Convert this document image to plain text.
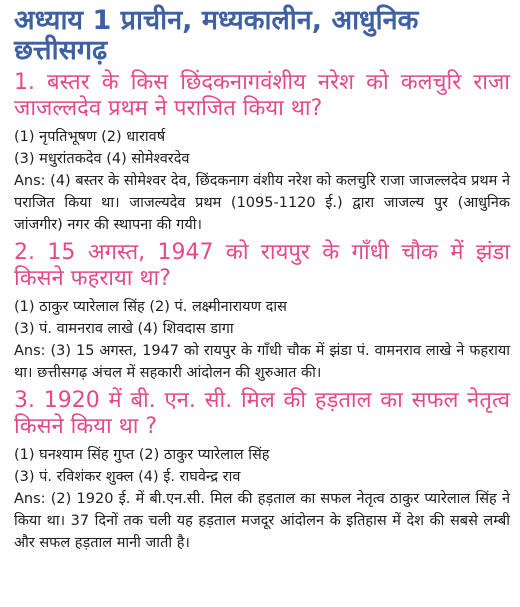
अध्याय 1 प्राचीन, मध्यकालीन, आधुनिक छत्तीसगढ़
1. बस्तर के किस छिंदकनागवंशीय नरेश को कलचुरि राजा जाजल्लदेव प्रथम ने पराजित किया था?
(1) नृपतिभूषण (2) धारावर्ष
(3) मधुरांतकदेव (4) सोमेश्वरदेव
Ans: (4) बस्तर के सोमेश्वर देव, छिंदकनाग वंशीय नरेश को कलचुरि राजा जाजल्लदेव प्रथम ने पराजित किया था। जाजल्यदेव प्रथम (1095-1120 ई.) द्वारा जाजल्य पुर (आधुनिक जांजगीर) नगर की स्थापना की गयी।
2. 15 अगस्त, 1947 को रायपुर के गाँधी चौक में झंडा किसने फहराया था?
(1) ठाकुर प्यारेलाल सिंह (2) पं. लक्ष्मीनारायण दास
(3) पं. वामनराव लाखे (4) शिवदास डागा
Ans: (3) 15 अगस्त, 1947 को रायपुर के गाँधी चौक में झंडा पं. वामनराव लाखे ने फहराया था। छत्तीसगढ़ अंचल में सहकारी आंदोलन की शुरुआत की।
3. 1920 में बी. एन. सी. मिल की हड़ताल का सफल नेतृत्व किसने किया था ?
(1) घनश्याम सिंह गुप्त (2) ठाकुर प्यारेलाल सिंह
(3) पं. रविशंकर शुक्ल (4) ई. राघवेन्द्र राव
Ans: (2) 1920 ई. में बी.एन.सी. मिल की हड़ताल का सफल नेतृत्व ठाकुर प्यारेलाल सिंह ने किया था। 37 दिनों तक चली यह हड़ताल मजदूर आंदोलन के इतिहास में देश की सबसे लम्बी और सफल हड़ताल मानी जाती है।
